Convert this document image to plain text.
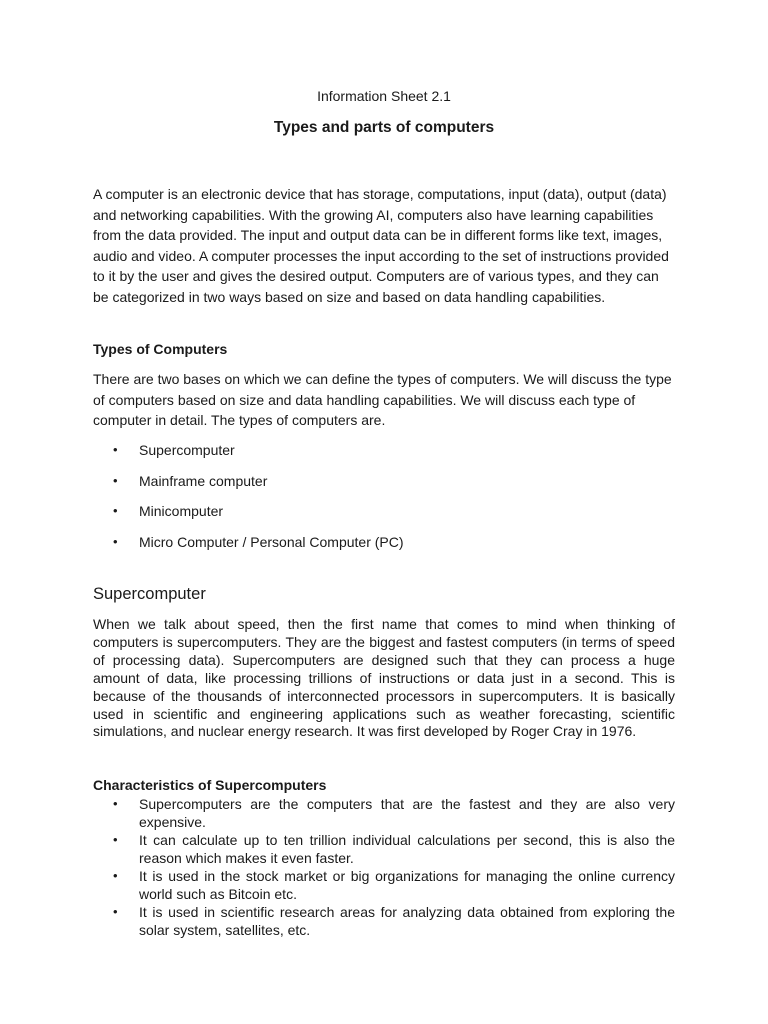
Information Sheet 2.1
Types and parts of computers

A computer is an electronic device that has storage, computations, input (data), output (data) and networking capabilities. With the growing AI, computers also have learning capabilities from the data provided. The input and output data can be in different forms like text, images, audio and video. A computer processes the input according to the set of instructions provided to it by the user and gives the desired output. Computers are of various types, and they can be categorized in two ways based on size and based on data handling capabilities.

Types of Computers

There are two bases on which we can define the types of computers. We will discuss the type of computers based on size and data handling capabilities. We will discuss each type of computer in detail. The types of computers are.

• Supercomputer
• Mainframe computer
• Minicomputer
• Micro Computer / Personal Computer (PC)
Supercomputer

When we talk about speed, then the first name that comes to mind when thinking of computers is supercomputers. They are the biggest and fastest computers (in terms of speed of processing data). Supercomputers are designed such that they can process a huge amount of data, like processing trillions of instructions or data just in a second. This is because of the thousands of interconnected processors in supercomputers. It is basically used in scientific and engineering applications such as weather forecasting, scientific simulations, and nuclear energy research. It was first developed by Roger Cray in 1976.

Characteristics of Supercomputers
• Supercomputers are the computers that are the fastest and they are also very expensive.
• It can calculate up to ten trillion individual calculations per second, this is also the reason which makes it even faster.
• It is used in the stock market or big organizations for managing the online currency world such as Bitcoin etc.
• It is used in scientific research areas for analyzing data obtained from exploring the solar system, satellites, etc.
